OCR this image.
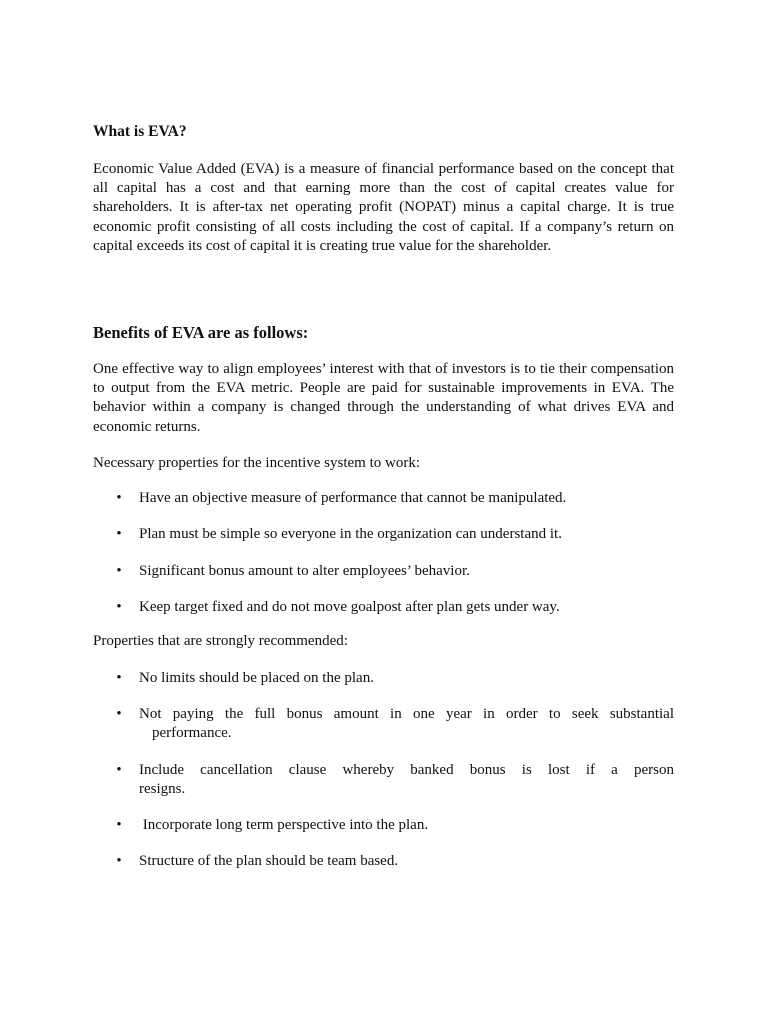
What is EVA?

Economic Value Added (EVA) is a measure of financial performance based on the concept that all capital has a cost and that earning more than the cost of capital creates value for shareholders. It is after-tax net operating profit (NOPAT) minus a capital charge. It is true economic profit consisting of all costs including the cost of capital. If a company’s return on capital exceeds its cost of capital it is creating true value for the shareholder.

Benefits of EVA are as follows:

One effective way to align employees’ interest with that of investors is to tie their compensation to output from the EVA metric. People are paid for sustainable improvements in EVA. The behavior within a company is changed through the understanding of what drives EVA and economic returns.

Necessary properties for the incentive system to work:
• Have an objective measure of performance that cannot be manipulated.
• Plan must be simple so everyone in the organization can understand it.
• Significant bonus amount to alter employees’ behavior.
• Keep target fixed and do not move goalpost after plan gets under way.
Properties that are strongly recommended:
• No limits should be placed on the plan.
• Not paying the full bonus amount in one year in order to seek substantial
performance.
• Include cancellation clause whereby banked bonus is lost if a person
resigns.
• Incorporate long term perspective into the plan.
• Structure of the plan should be team based.
